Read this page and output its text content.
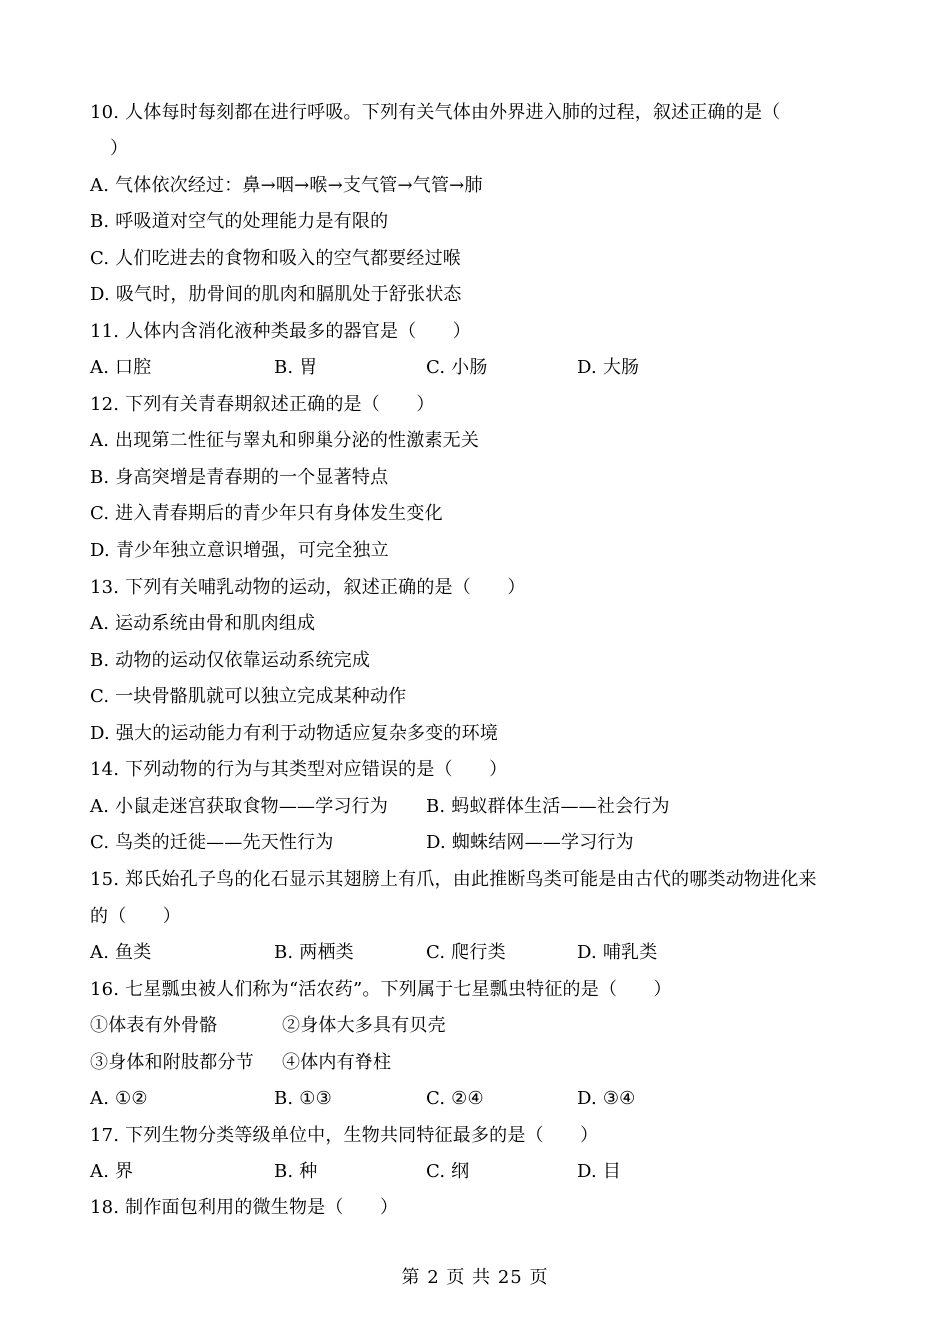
10. 人体每时每刻都在进行呼吸。下列有关气体由外界进入肺的过程，叙述正确的是（
）
A. 气体依次经过：鼻→咽→喉→支气管→气管→肺
B. 呼吸道对空气的处理能力是有限的
C. 人们吃进去的食物和吸入的空气都要经过喉
D. 吸气时，肋骨间的肌肉和膈肌处于舒张状态
11. 人体内含消化液种类最多的器官是（　　）
A. 口腔	B. 胃	C. 小肠	D. 大肠
12. 下列有关青春期叙述正确的是（　　）
A. 出现第二性征与睾丸和卵巢分泌的性激素无关
B. 身高突增是青春期的一个显著特点
C. 进入青春期后的青少年只有身体发生变化
D. 青少年独立意识增强，可完全独立
13. 下列有关哺乳动物的运动，叙述正确的是（　　）
A. 运动系统由骨和肌肉组成
B. 动物的运动仅依靠运动系统完成
C. 一块骨骼肌就可以独立完成某种动作
D. 强大的运动能力有利于动物适应复杂多变的环境
14. 下列动物的行为与其类型对应错误的是（　　）
A. 小鼠走迷宫获取食物——学习行为 B. 蚂蚁群体生活——社会行为
C. 鸟类的迁徙——先天性行为	D. 蜘蛛结网——学习行为
15. 郑氏始孔子鸟的化石显示其翅膀上有爪，由此推断鸟类可能是由古代的哪类动物进化来
的（　　）
A. 鱼类	B. 两栖类	C. 爬行类	D. 哺乳类
16. 七星瓢虫被人们称为“活农药”。下列属于七星瓢虫特征的是（　　）
①体表有外骨骼	②身体大多具有贝壳
③身体和附肢都分节 ④体内有脊柱
A. ①②	B. ①③	C. ②④	D. ③④
17. 下列生物分类等级单位中，生物共同特征最多的是（　　）
A. 界	B. 种	C. 纲	D. 目
18. 制作面包利用的微生物是（　　）
第 2 页 共 25 页
